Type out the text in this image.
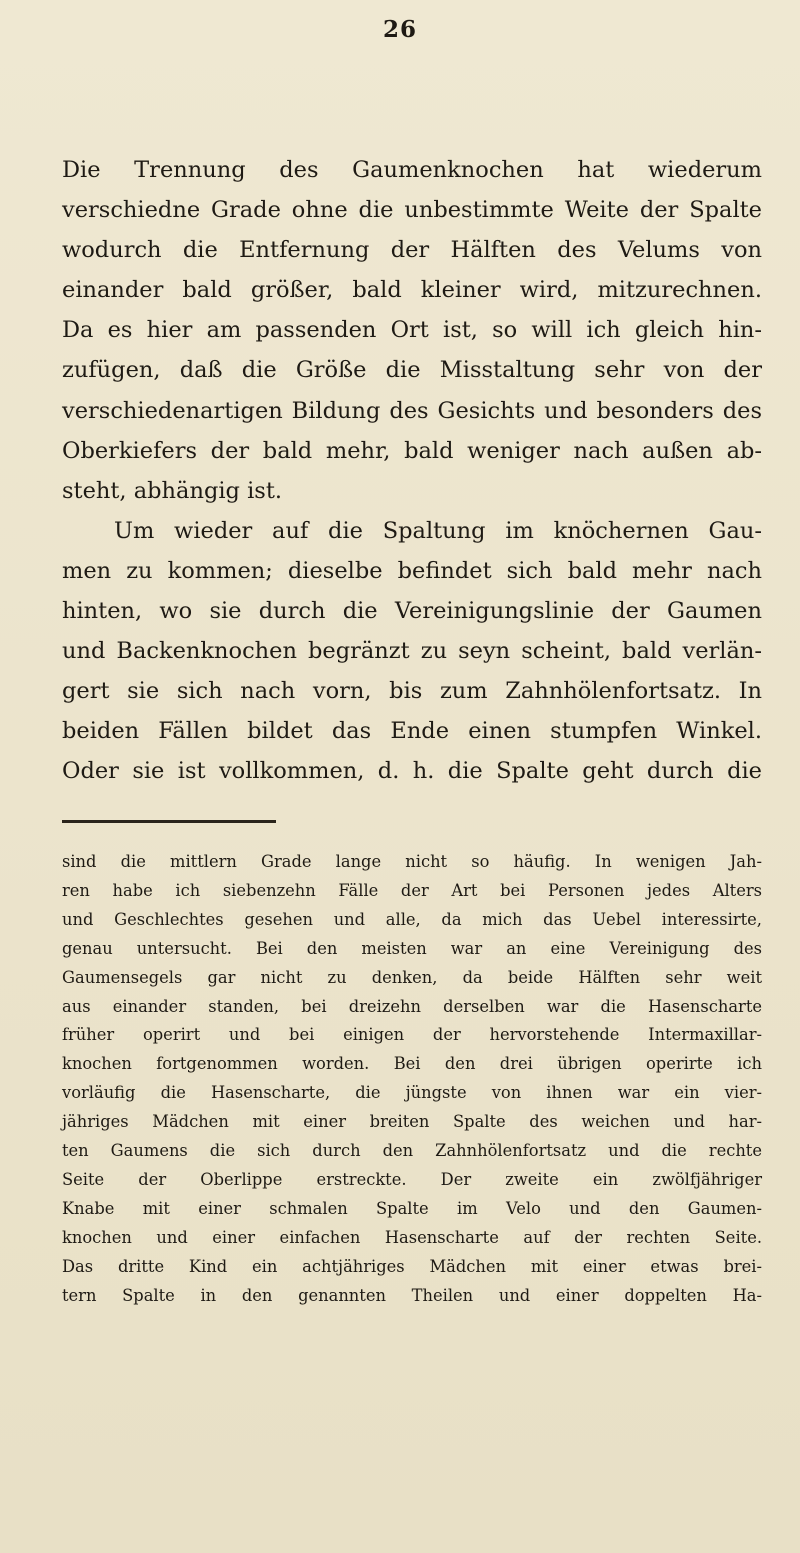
26
Die Trennung des Gaumenknochen hat wiederum
verschiedne Grade ohne die unbestimmte Weite der Spalte
wodurch die Entfernung der Hälften des Velums von
einander bald größer, bald kleiner wird, mitzurechnen.
Da es hier am passenden Ort ist, so will ich gleich hin-
zufügen, daß die Größe die Misstaltung sehr von der
verschiedenartigen Bildung des Gesichts und besonders des
Oberkiefers der bald mehr, bald weniger nach außen ab-
steht, abhängig ist.
Um wieder auf die Spaltung im knöchernen Gau-
men zu kommen; dieselbe befindet sich bald mehr nach
hinten, wo sie durch die Vereinigungslinie der Gaumen
und Backenknochen begränzt zu seyn scheint, bald verlän-
gert sie sich nach vorn, bis zum Zahnhölenfortsatz. In
beiden Fällen bildet das Ende einen stumpfen Winkel.
Oder sie ist vollkommen, d. h. die Spalte geht durch die
sind die mittlern Grade lange nicht so häufig. In wenigen Jah-
ren habe ich siebenzehn Fälle der Art bei Personen jedes Alters
und Geschlechtes gesehen und alle, da mich das Uebel interessirte,
genau untersucht. Bei den meisten war an eine Vereinigung des
Gaumensegels gar nicht zu denken, da beide Hälften sehr weit
aus einander standen, bei dreizehn derselben war die Hasenscharte
früher operirt und bei einigen der hervorstehende Intermaxillar-
knochen fortgenommen worden. Bei den drei übrigen operirte ich
vorläufig die Hasenscharte, die jüngste von ihnen war ein vier-
jähriges Mädchen mit einer breiten Spalte des weichen und har-
ten Gaumens die sich durch den Zahnhölenfortsatz und die rechte
Seite der Oberlippe erstreckte. Der zweite ein zwölfjähriger
Knabe mit einer schmalen Spalte im Velo und den Gaumen-
knochen und einer einfachen Hasenscharte auf der rechten Seite.
Das dritte Kind ein achtjähriges Mädchen mit einer etwas brei-
tern Spalte in den genannten Theilen und einer doppelten Ha-
